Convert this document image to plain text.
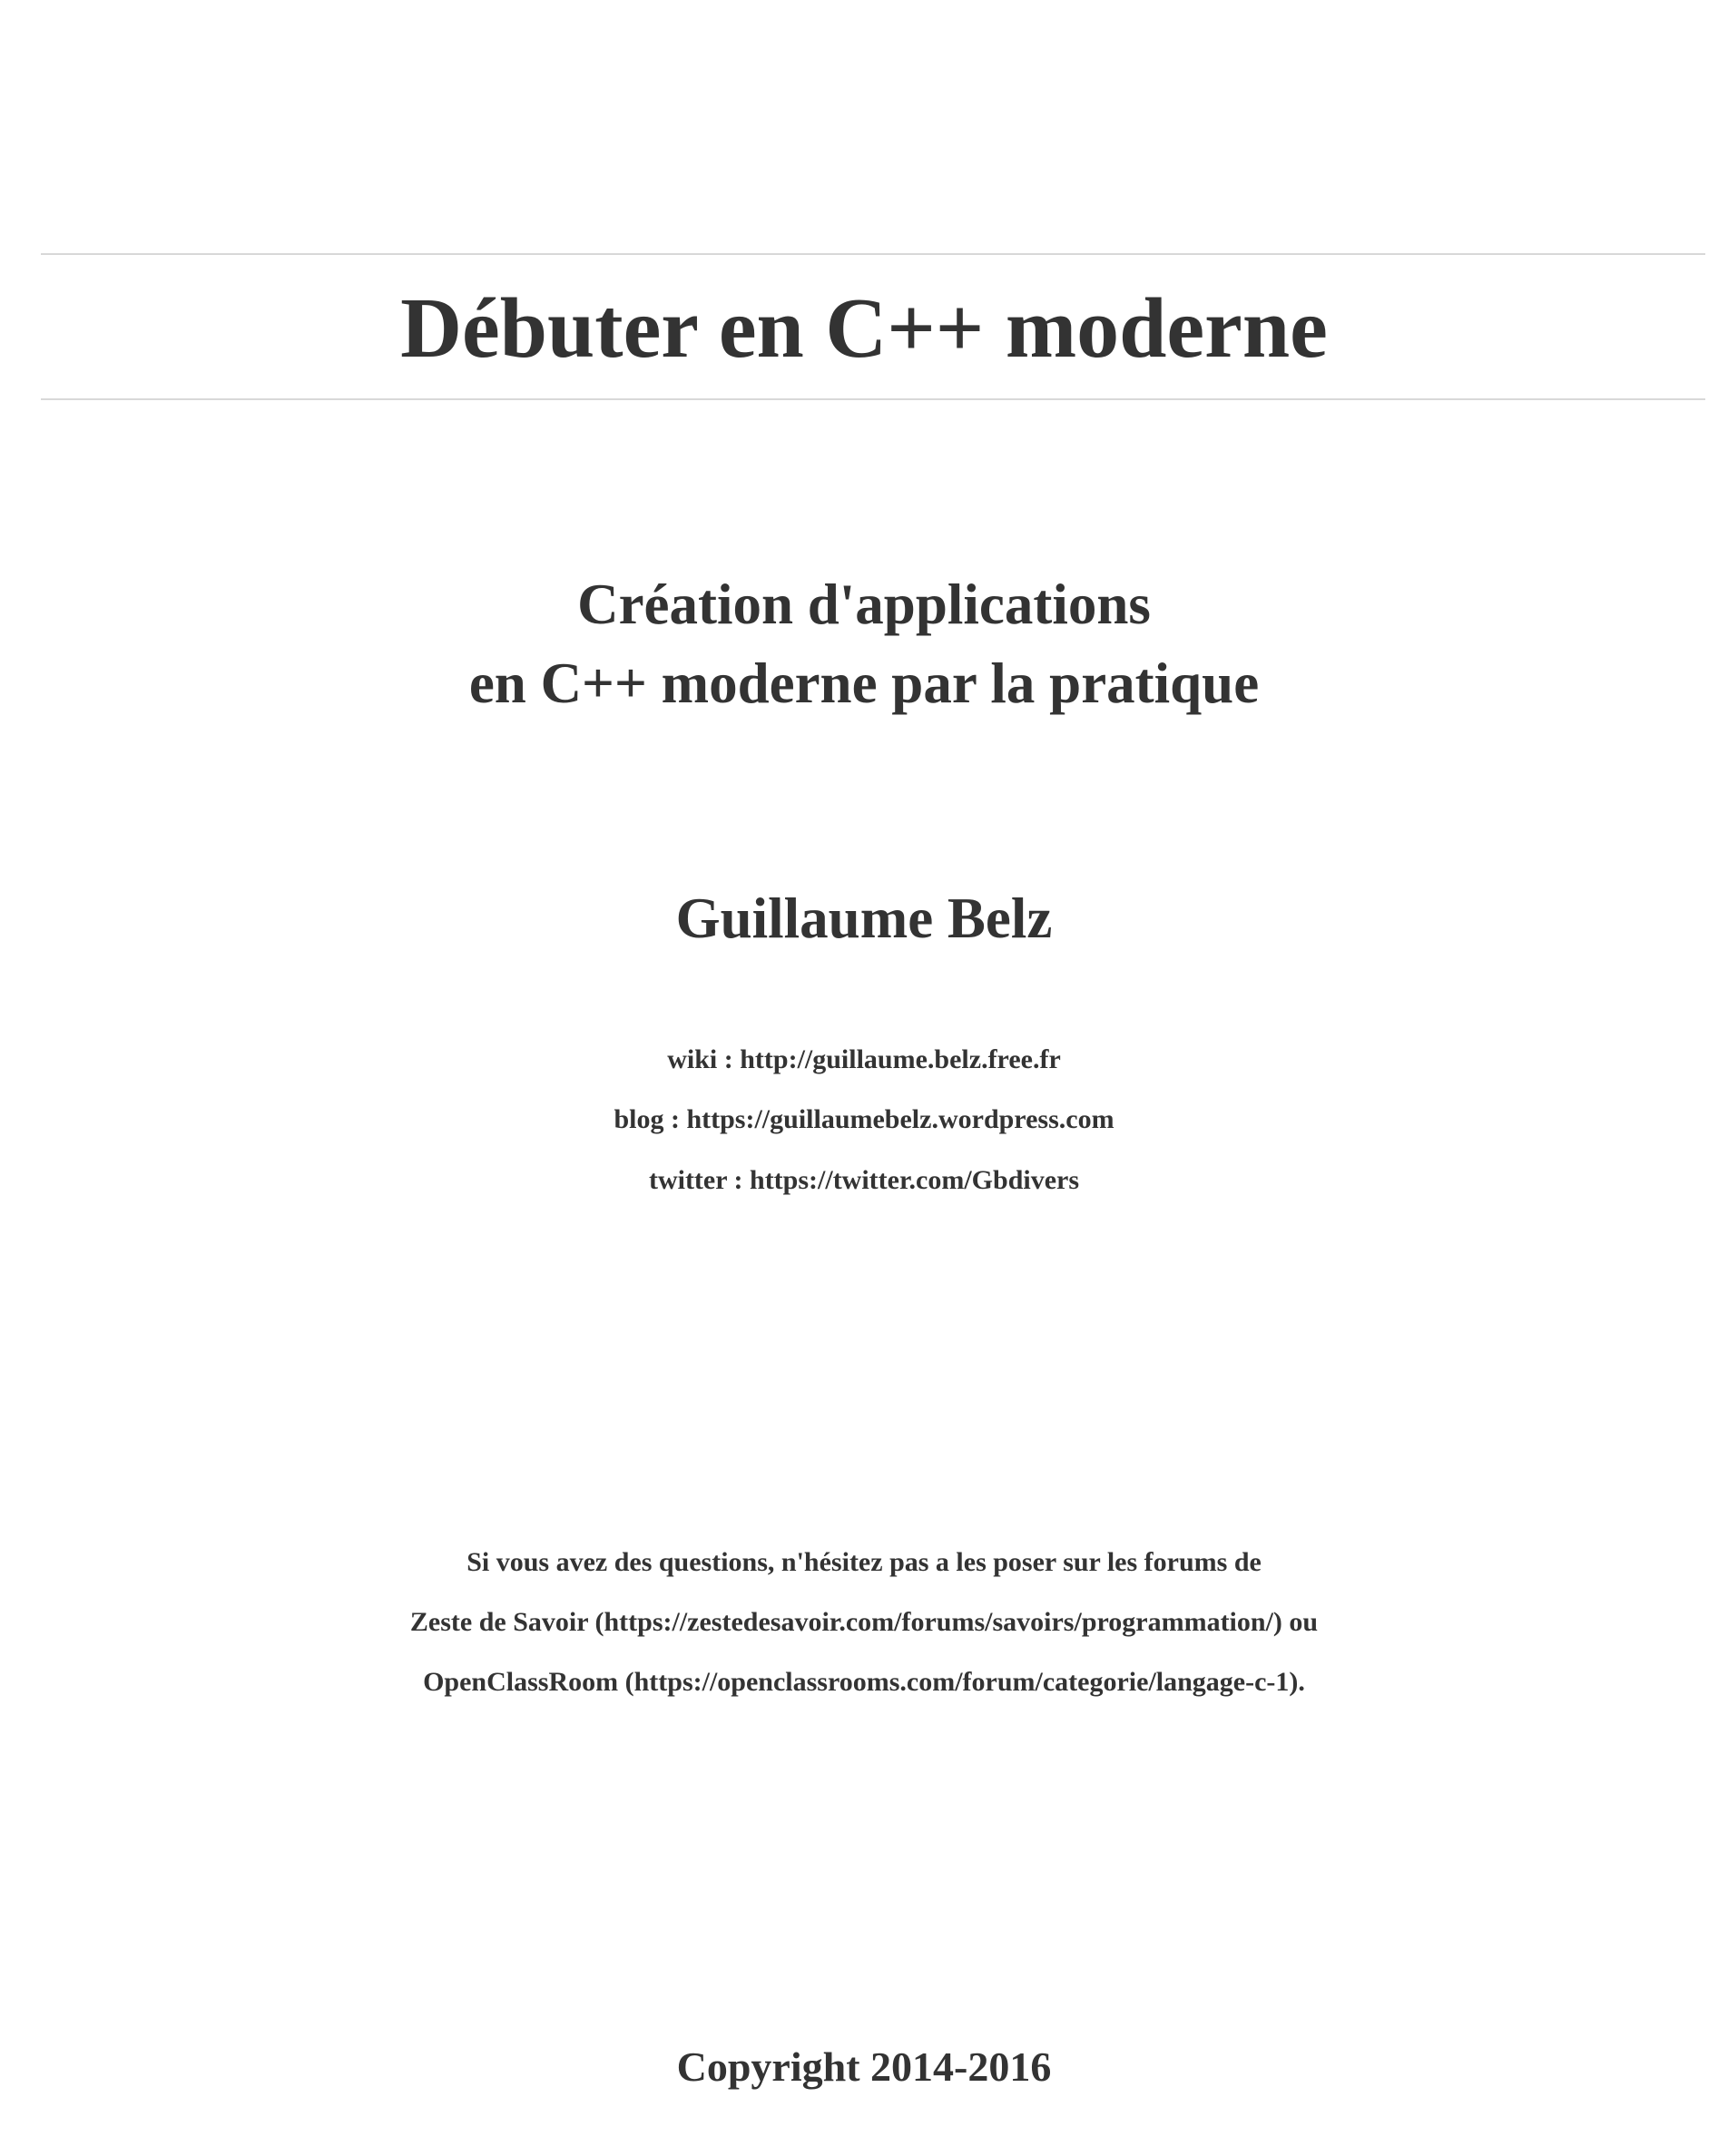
Débuter en C++ moderne
Création d'applications
en C++ moderne par la pratique
Guillaume Belz
wiki : http://guillaume.belz.free.fr
blog : https://guillaumebelz.wordpress.com
twitter : https://twitter.com/Gbdivers
Si vous avez des questions, n'hésitez pas a les poser sur les forums de
Zeste de Savoir (https://zestedesavoir.com/forums/savoirs/programmation/) ou
OpenClassRoom (https://openclassrooms.com/forum/categorie/langage-c-1).
Copyright 2014-2016
